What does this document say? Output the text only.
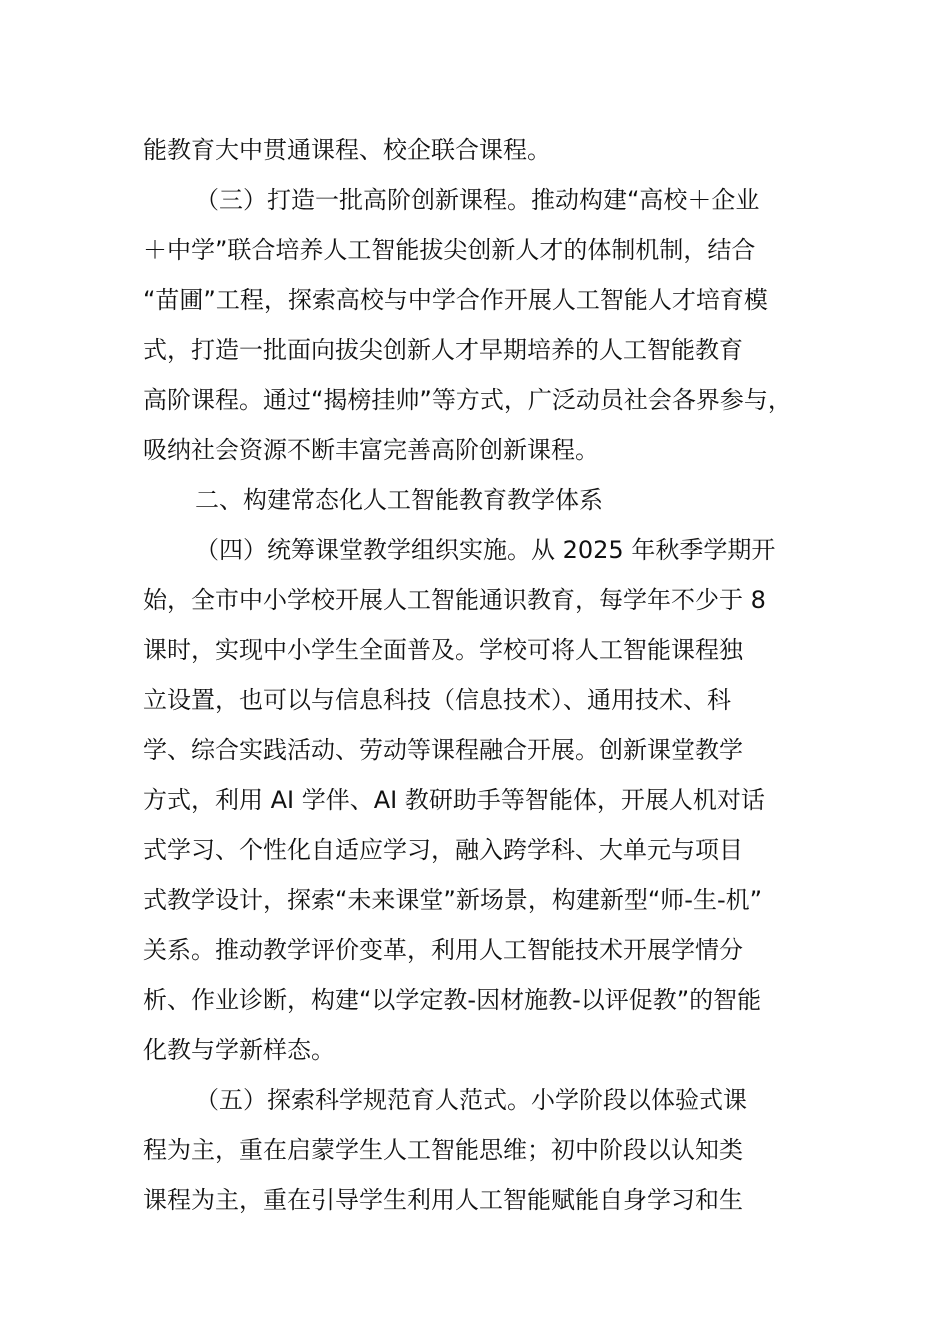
能教育大中贯通课程、校企联合课程。
（三）打造一批高阶创新课程。推动构建“高校＋企业
＋中学”联合培养人工智能拔尖创新人才的体制机制，结合
“苗圃”工程，探索高校与中学合作开展人工智能人才培育模
式，打造一批面向拔尖创新人才早期培养的人工智能教育
高阶课程。通过“揭榜挂帅”等方式，广泛动员社会各界参与，
吸纳社会资源不断丰富完善高阶创新课程。
二、构建常态化人工智能教育教学体系
（四）统筹课堂教学组织实施。从 2025 年秋季学期开
始，全市中小学校开展人工智能通识教育，每学年不少于 8
课时，实现中小学生全面普及。学校可将人工智能课程独
立设置，也可以与信息科技（信息技术）、通用技术、科
学、综合实践活动、劳动等课程融合开展。创新课堂教学
方式，利用 AI 学伴、AI 教研助手等智能体，开展人机对话
式学习、个性化自适应学习，融入跨学科、大单元与项目
式教学设计，探索“未来课堂”新场景，构建新型“师-生-机”
关系。推动教学评价变革，利用人工智能技术开展学情分
析、作业诊断，构建“以学定教-因材施教-以评促教”的智能
化教与学新样态。
（五）探索科学规范育人范式。小学阶段以体验式课
程为主，重在启蒙学生人工智能思维；初中阶段以认知类
课程为主，重在引导学生利用人工智能赋能自身学习和生
